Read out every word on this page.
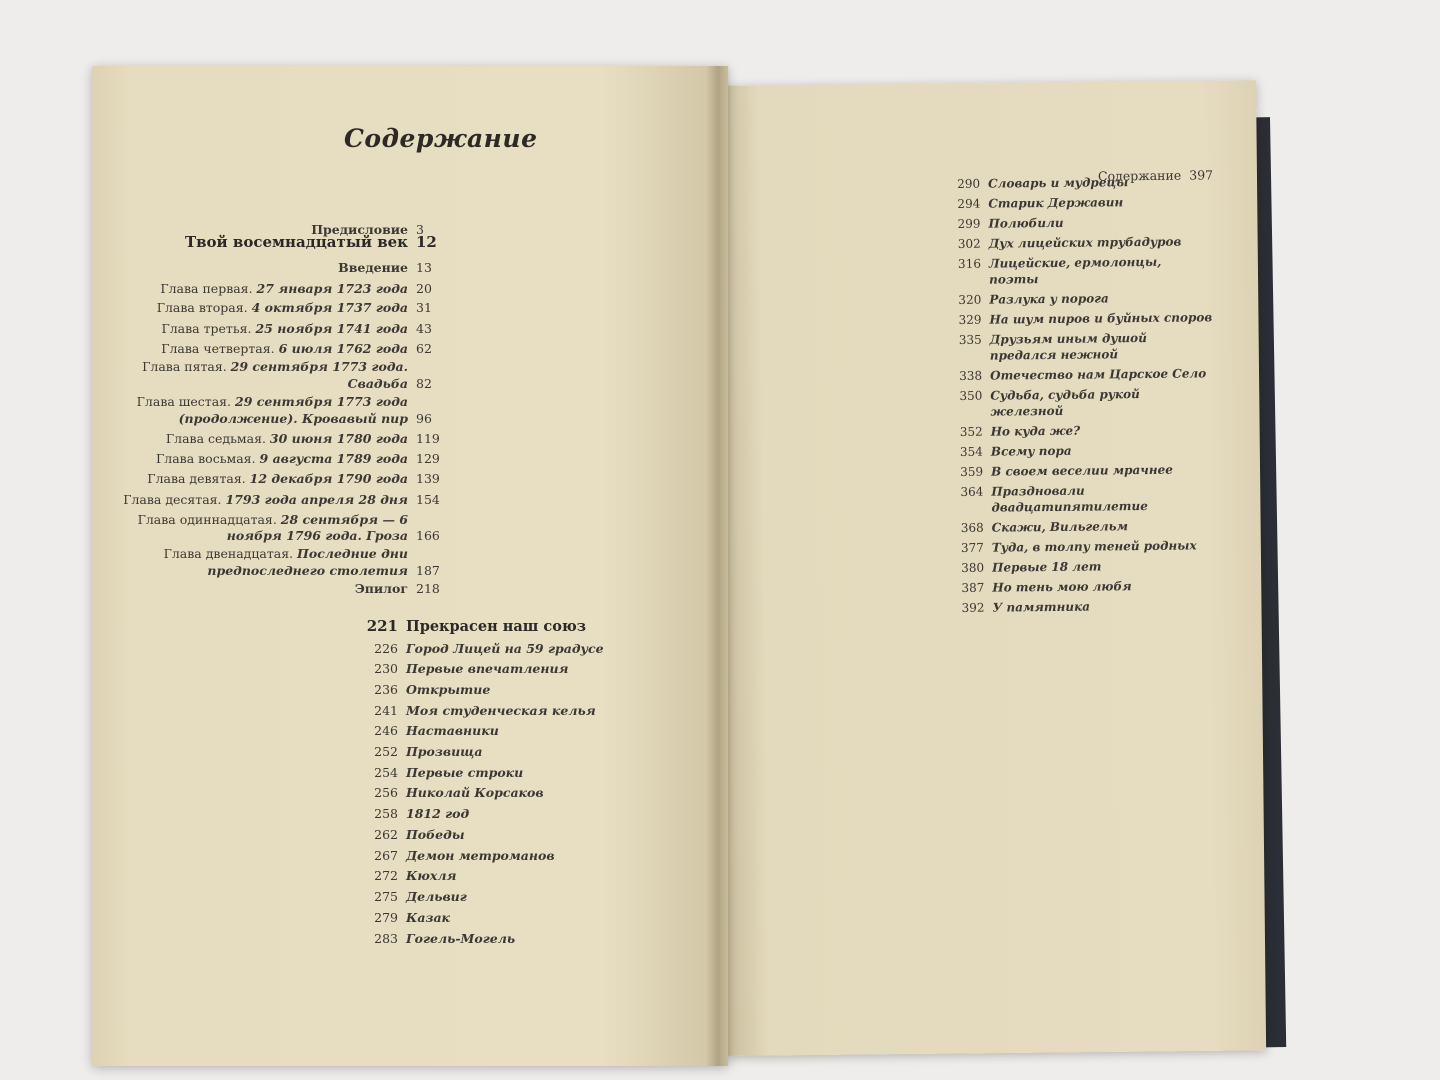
Содержание
Предисловие 3
Твой восемнадцатый век 12
Введение 13
Глава первая. 27 января 1723 года 20
Глава вторая. 4 октября 1737 года 31
Глава третья. 25 ноября 1741 года 43
Глава четвертая. 6 июля 1762 года 62
Глава пятая. 29 сентября 1773 года.
Свадьба 82
Глава шестая. 29 сентября 1773 года
(продолжение). Кровавый пир 96
Глава седьмая. 30 июня 1780 года 119
Глава восьмая. 9 августа 1789 года 129
Глава девятая. 12 декабря 1790 года 139
Глава десятая. 1793 года апреля 28 дня 154
Глава одиннадцатая. 28 сентября — 6
ноября 1796 года. Гроза 166
Глава двенадцатая. Последние дни
предпоследнего столетия 187
Эпилог 218
221 Прекрасен наш союз
226 Город Лицей на 59 градусе
230 Первые впечатления
236 Открытие
241 Моя студенческая келья
246 Наставники
252 Прозвища
254 Первые строки
256 Николай Корсаков
258 1812 год
262 Победы
267 Демон метроманов
272 Кюхля
275 Дельвиг
279 Казак
283 Гогель-Могель
Содержание 397
290 Словарь и мудрецы
294 Старик Державин
299 Полюбили
302 Дух лицейских трубадуров
316 Лицейские, ермолонцы, поэты
320 Разлука у порога
329 На шум пиров и буйных споров
335 Друзьям иным душой предался нежной
338 Отечество нам Царское Село
350 Судьба, судьба рукой железной
352 Но куда же?
354 Всему пора
359 В своем веселии мрачнее
364 Праздновали двадцатипятилетие
368 Скажи, Вильгельм
377 Туда, в толпу теней родных
380 Первые 18 лет
387 Но тень мою любя
392 У памятника
